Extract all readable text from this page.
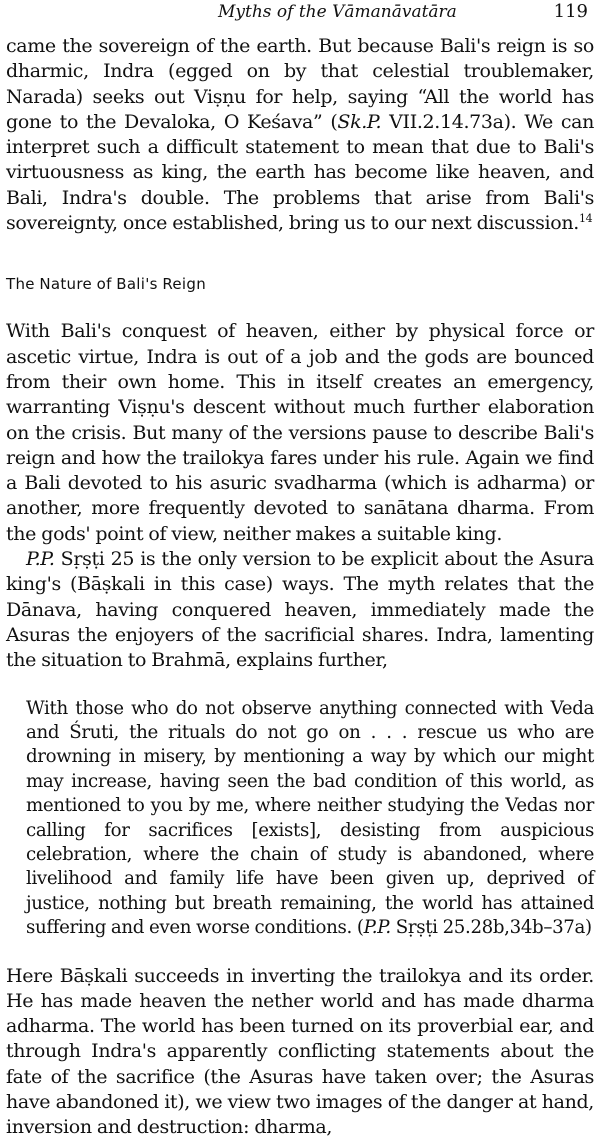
Myths of the Vāmanāvatāra	119

came the sovereign of the earth. But because Bali's reign is so dharmic, Indra (egged on by that celestial troublemaker, Narada) seeks out Viṣṇu for help, saying “All the world has gone to the Devaloka, O Keśava” (Sk.P. VII.2.14.73a). We can interpret such a difficult statement to mean that due to Bali's virtuousness as king, the earth has become like heaven, and Bali, Indra's double. The problems that arise from Bali's sovereignty, once established, bring us to our next discussion.$^{14}$

The Nature of Bali's Reign

With Bali's conquest of heaven, either by physical force or ascetic virtue, Indra is out of a job and the gods are bounced from their own home. This in itself creates an emergency, warranting Viṣṇu's descent without much further elaboration on the crisis. But many of the versions pause to describe Bali's reign and how the trailokya fares under his rule. Again we find a Bali devoted to his asuric svadharma (which is adharma) or another, more frequently devoted to sanātana dharma. From the gods' point of view, neither makes a suitable king.

P.P. Sṛṣṭi 25 is the only version to be explicit about the Asura king's (Bāṣkali in this case) ways. The myth relates that the Dānava, having conquered heaven, immediately made the Asuras the enjoyers of the sacrificial shares. Indra, lamenting the situation to Brahmā, explains further,

With those who do not observe anything connected with Veda and Śruti, the rituals do not go on . . . rescue us who are drowning in misery, by mentioning a way by which our might may increase, having seen the bad condition of this world, as mentioned to you by me, where neither studying the Vedas nor calling for sacrifices [exists], desisting from auspicious celebration, where the chain of study is abandoned, where livelihood and family life have been given up, deprived of justice, nothing but breath remaining, the world has attained suffering and even worse conditions. (P.P. Sṛṣṭi 25.28b,34b–37a)

Here Bāṣkali succeeds in inverting the trailokya and its order. He has made heaven the nether world and has made dharma adharma. The world has been turned on its proverbial ear, and through Indra's apparently conflicting statements about the fate of the sacrifice (the Asuras have taken over; the Asuras have abandoned it), we view two images of the danger at hand, inversion and destruction: dharma,
